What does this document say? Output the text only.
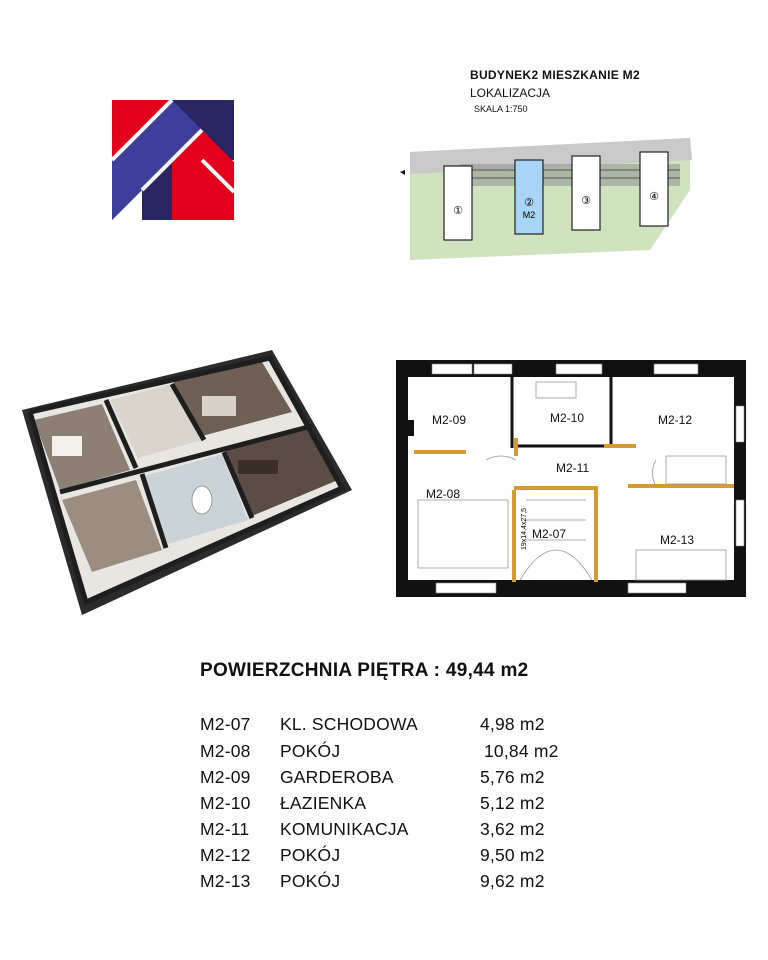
BUDYNEK2 MIESZKANIE M2
LOKALIZACJA
SKALA 1:750
①
②
M2
③	④
M2-09	M2-10	M2-12
M2-11
M2-08
M2-07	M2-13
19x14,4x27,5
POWIERZCHNIA PIĘTRA : 49,44 m2
M2-07 KL. SCHODOWA	4,98 m2
M2-08 POKÓJ	10,84 m2
M2-09 GARDEROBA	5,76 m2
M2-10 ŁAZIENKA	5,12 m2
M2-11 KOMUNIKACJA	3,62 m2
M2-12 POKÓJ	9,50 m2
M2-13 POKÓJ	9,62 m2
